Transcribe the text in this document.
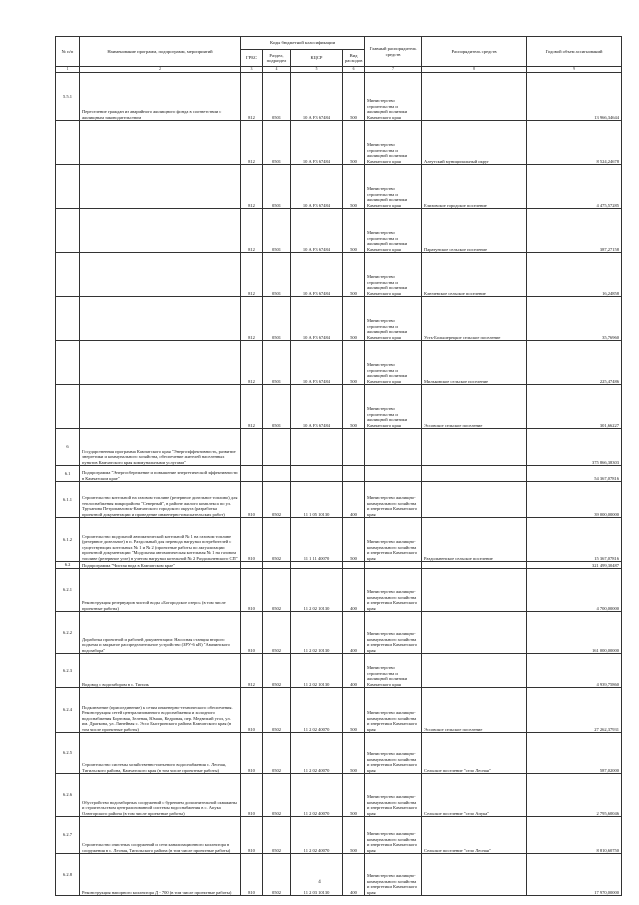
№ п/п	Наименование программ, подпрограмм, мероприятий	Коды бюджетной классификации				Главный распорядитель средств	Распорядитель средств	Годовой объем ассигнований
		ГРБС	Раздел, подраздел	КЦСР	Вид расходов			
1	2	3	4	5	6	7	8	9
5.5.1	Переселение граждан из аварийного жилищного фонда в соответствии с жилищным законодательством	812	0501	10 А F3 67484	500	Министерство строительства и жилищной политики Камчатского края		13 966,34644
		812	0501	10 А F3 67484	500	Министерство строительства и жилищной политики Камчатского края	Алеутский муниципальный округ	8 524,24678
		812	0501	10 А F3 67484	500	Министерство строительства и жилищной политики Камчатского края	Елизовское городское поселение	4 475,57285
		812	0501	10 А F3 67484	500	Министерство строительства и жилищной политики Камчатского края	Паратунское сельское поселение	387,27158
		812	0501	10 А F3 67484	500	Министерство строительства и жилищной политики Камчатского края	Ключевское сельское поселение	16,24858
		812	0501	10 А F3 67484	500	Министерство строительства и жилищной политики Камчатского края	Усть-Большерецкое сельское поселение	35,76960
		812	0501	10 А F3 67484	500	Министерство строительства и жилищной политики Камчатского края	Мильковское сельское поселение	225,47486
		812	0501	10 А F3 67484	500	Министерство строительства и жилищной политики Камчатского края	Эссовское сельское поселение	301,66227
6	Государственная программа Камчатского края "Энергоэффективность, развитие энергетики и коммунального хозяйства, обеспечение жителей населенных пунктов Камчатского края коммунальными услугами"							375 866,38303
6.1	Подпрограмма "Энергосбережение и повышение энергетической эффективности в Камчатском крае"							54 367,07816
6.1.1	Строительство котельной на газовом топливе (резервное дизельное топливо) для теплоснабжения микрорайона "Северный", в районе жилого комплекса по ул. Труханова Петропавловск-Камчатского городского округа (разработка проектной документации и проведение инженерно-изыскательских работ)	810	0502	11 1 05 10130	400	Министерство жилищно-коммунального хозяйства и энергетики Камчатского края		39 000,00000
6.1.2	Строительство модульной автоматической котельной № 1 на газовом топливе (резервное дизельное) в п. Раздольный для перевода нагрузки потребителей с существующих котельных № 1 и № 2 (проектные работы по актуализации проектной документации "Модульная автоматическая котельная № 1 на газовом топливе (резервное угле) в учетом нагрузки котельной № 2 Раздольненского СП"	810	0502	11 1 11 40070	500	Министерство жилищно-коммунального хозяйства и энергетики Камчатского края	Раздольненское сельское поселение	15 367,07816
6.2	Подпрограмма "Чистая вода в Камчатском крае"							321 499,30487
6.2.1	Реконструкция резервуаров чистой воды «Богородское озеро» (в том числе проектные работы)	810	0502	11 2 02 10130	400	Министерство жилищно-коммунального хозяйства и энергетики Камчатского края		4 700,00000
6.2.2	Доработка проектной и рабочей документации: Насосная станция второго подъема и закрытое распределительное устройство (ЗРУ-6 кВ) "Авачинского водозабора"	810	0502	11 2 02 10130	400	Министерство жилищно-коммунального хозяйства и энергетики Камчатского края		161 000,00000
6.2.3	Водовод с водозабором в с. Тигиль	812	0502	11 2 02 10130	400	Министерство строительства и жилищной политики Камчатского края		4 939,75860
6.2.4	Подключение (присоединение) к сетям инженерно-технического обеспечения. Реконструкция сетей централизованного водоснабжения и холодного водоснабжения Бортовая, Зеленая, Юмаш, Кедровая, пер. Медвежий угол, ул. им. Драгкова, ул. Линейная с. Эссо Быстринского района Камчатского края (в том числе проектные работы)	810	0502	11 2 02 40070	500	Министерство жилищно-коммунального хозяйства и энергетики Камчатского края	Эссовское сельское поселение	27 262,37931
6.2.5	Строительство системы хозяйственно-питьевого водоснабжения с. Лесная, Тигильского района, Камчатского края (в том числе проектные работы)	810	0502	11 2 02 40070	500	Министерство жилищно-коммунального хозяйства и энергетики Камчатского края	Сельское поселение "село Лесная"	587,02000
6.2.6	Обустройство водозаборных сооружений с бурением дополнительной скважины и строительством централизованной системы водоснабжения в с. Апука Олюторского района (в том числе проектные работы)	810	0502	11 2 02 40070	500	Министерство жилищно-коммунального хозяйства и энергетики Камчатского края	Сельское поселение "село Апука"	2 795,60046
6.2.7	Строительство очистных сооружений и сети канализационного коллектора в сооружения в с. Лесная, Тигильского района (в том числе проектные работы)	810	0502	11 2 02 40070	500	Министерство жилищно-коммунального хозяйства и энергетики Камчатского края	Сельское поселение "село Лесная"	8 810,60750
6.2.8	Реконструкция напорного коллектора Д - 700 (в том числе проектные работы)	810	0502	11 2 03 10130	400	Министерство жилищно-коммунального хозяйства и энергетики Камчатского края		17 970,00000
4
